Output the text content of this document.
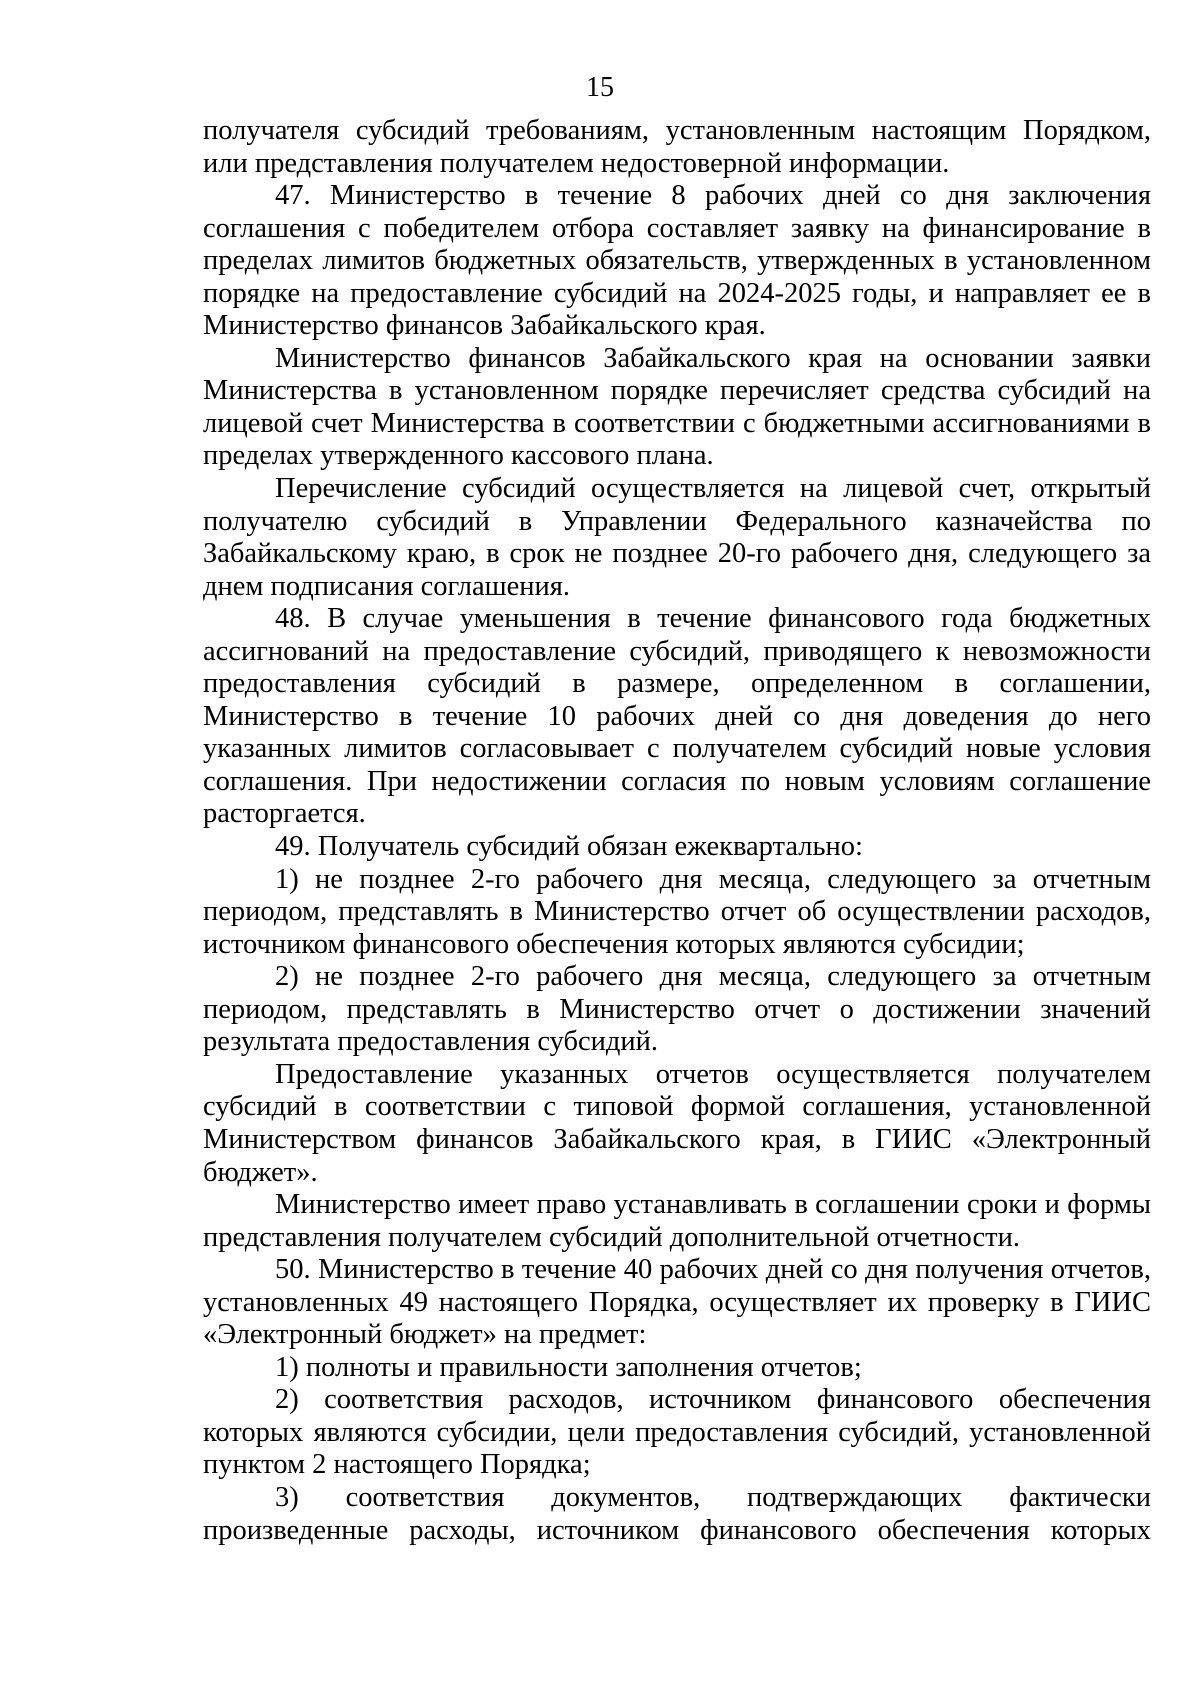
15

получателя субсидий требованиям, установленным настоящим Порядком, или представления получателем недостоверной информации.

47. Министерство в течение 8 рабочих дней со дня заключения соглашения с победителем отбора составляет заявку на финансирование в пределах лимитов бюджетных обязательств, утвержденных в установленном порядке на предоставление субсидий на 2024-2025 годы, и направляет ее в Министерство финансов Забайкальского края.

Министерство финансов Забайкальского края на основании заявки Министерства в установленном порядке перечисляет средства субсидий на лицевой счет Министерства в соответствии с бюджетными ассигнованиями в пределах утвержденного кассового плана.

Перечисление субсидий осуществляется на лицевой счет, открытый получателю субсидий в Управлении Федерального казначейства по Забайкальскому краю, в срок не позднее 20-го рабочего дня, следующего за днем подписания соглашения.

48. В случае уменьшения в течение финансового года бюджетных ассигнований на предоставление субсидий, приводящего к невозможности предоставления субсидий в размере, определенном в соглашении, Министерство в течение 10 рабочих дней со дня доведения до него указанных лимитов согласовывает с получателем субсидий новые условия соглашения. При недостижении согласия по новым условиям соглашение расторгается.

49. Получатель субсидий обязан ежеквартально:

1) не позднее 2-го рабочего дня месяца, следующего за отчетным периодом, представлять в Министерство отчет об осуществлении расходов, источником финансового обеспечения которых являются субсидии;

2) не позднее 2-го рабочего дня месяца, следующего за отчетным периодом, представлять в Министерство отчет о достижении значений результата предоставления субсидий.

Предоставление указанных отчетов осуществляется получателем субсидий в соответствии с типовой формой соглашения, установленной Министерством финансов Забайкальского края, в ГИИС «Электронный бюджет».

Министерство имеет право устанавливать в соглашении сроки и формы представления получателем субсидий дополнительной отчетности.

50. Министерство в течение 40 рабочих дней со дня получения отчетов, установленных 49 настоящего Порядка, осуществляет их проверку в ГИИС «Электронный бюджет» на предмет:

1) полноты и правильности заполнения отчетов;

2) соответствия расходов, источником финансового обеспечения которых являются субсидии, цели предоставления субсидий, установленной пунктом 2 настоящего Порядка;

3) соответствия документов, подтверждающих фактически произведенные расходы, источником финансового обеспечения которых
